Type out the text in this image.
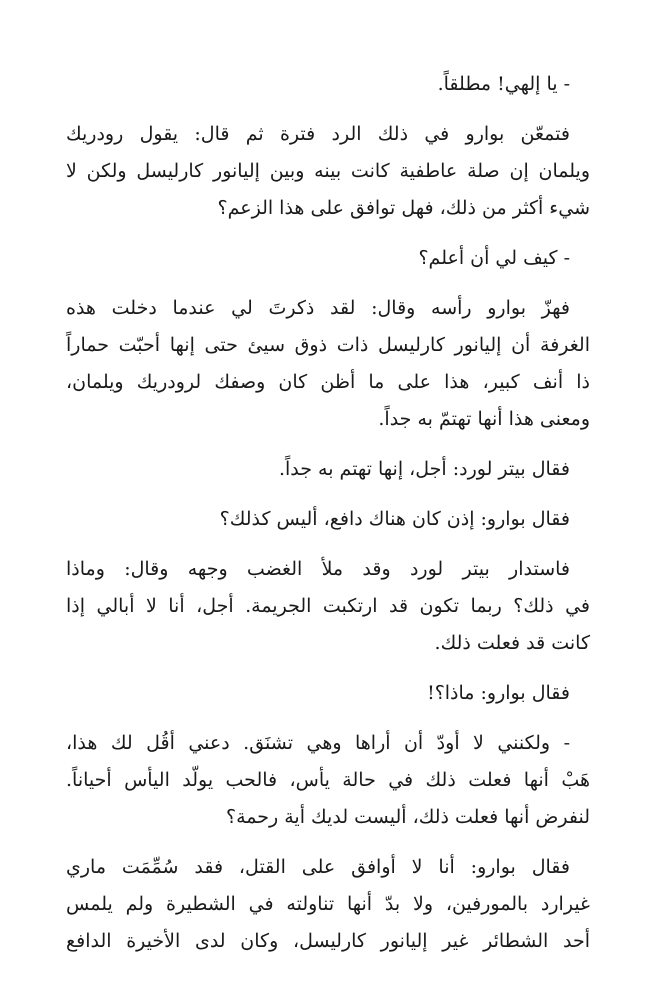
- يا إلهي! مطلقاً.

فتمعّن بوارو في ذلك الرد فترة ثم قال: يقول رودريك
ويلمان إن صلة عاطفية كانت بينه وبين إليانور كارليسل ولكن لا
شيء أكثر من ذلك، فهل توافق على هذا الزعم؟

- كيف لي أن أعلم؟

فهزّ بوارو رأسه وقال: لقد ذكرتَ لي عندما دخلت هذه
الغرفة أن إليانور كارليسل ذات ذوق سيئ حتى إنها أحبّت حماراً
ذا أنف كبير، هذا على ما أظن كان وصفك لرودريك ويلمان،
ومعنى هذا أنها تهتمّ به جداً.

فقال بيتر لورد: أجل، إنها تهتم به جداً.

فقال بوارو: إذن كان هناك دافع، أليس كذلك؟

فاستدار بيتر لورد وقد ملأ الغضب وجهه وقال: وماذا
في ذلك؟ ربما تكون قد ارتكبت الجريمة. أجل، أنا لا أبالي إذا
كانت قد فعلت ذلك.

فقال بوارو: ماذا؟!

- ولكنني لا أودّ أن أراها وهي تشنَق. دعني أقُل لك هذا،
هَبْ أنها فعلت ذلك في حالة يأس، فالحب يولّد اليأس أحياناً.
لنفرض أنها فعلت ذلك، أليست لديك أية رحمة؟

فقال بوارو: أنا لا أوافق على القتل، فقد سُمِّمَت ماري
غيرارد بالمورفين، ولا بدّ أنها تناولته في الشطيرة ولم يلمس
أحد الشطائر غير إليانور كارليسل، وكان لدى الأخيرة الدافع
